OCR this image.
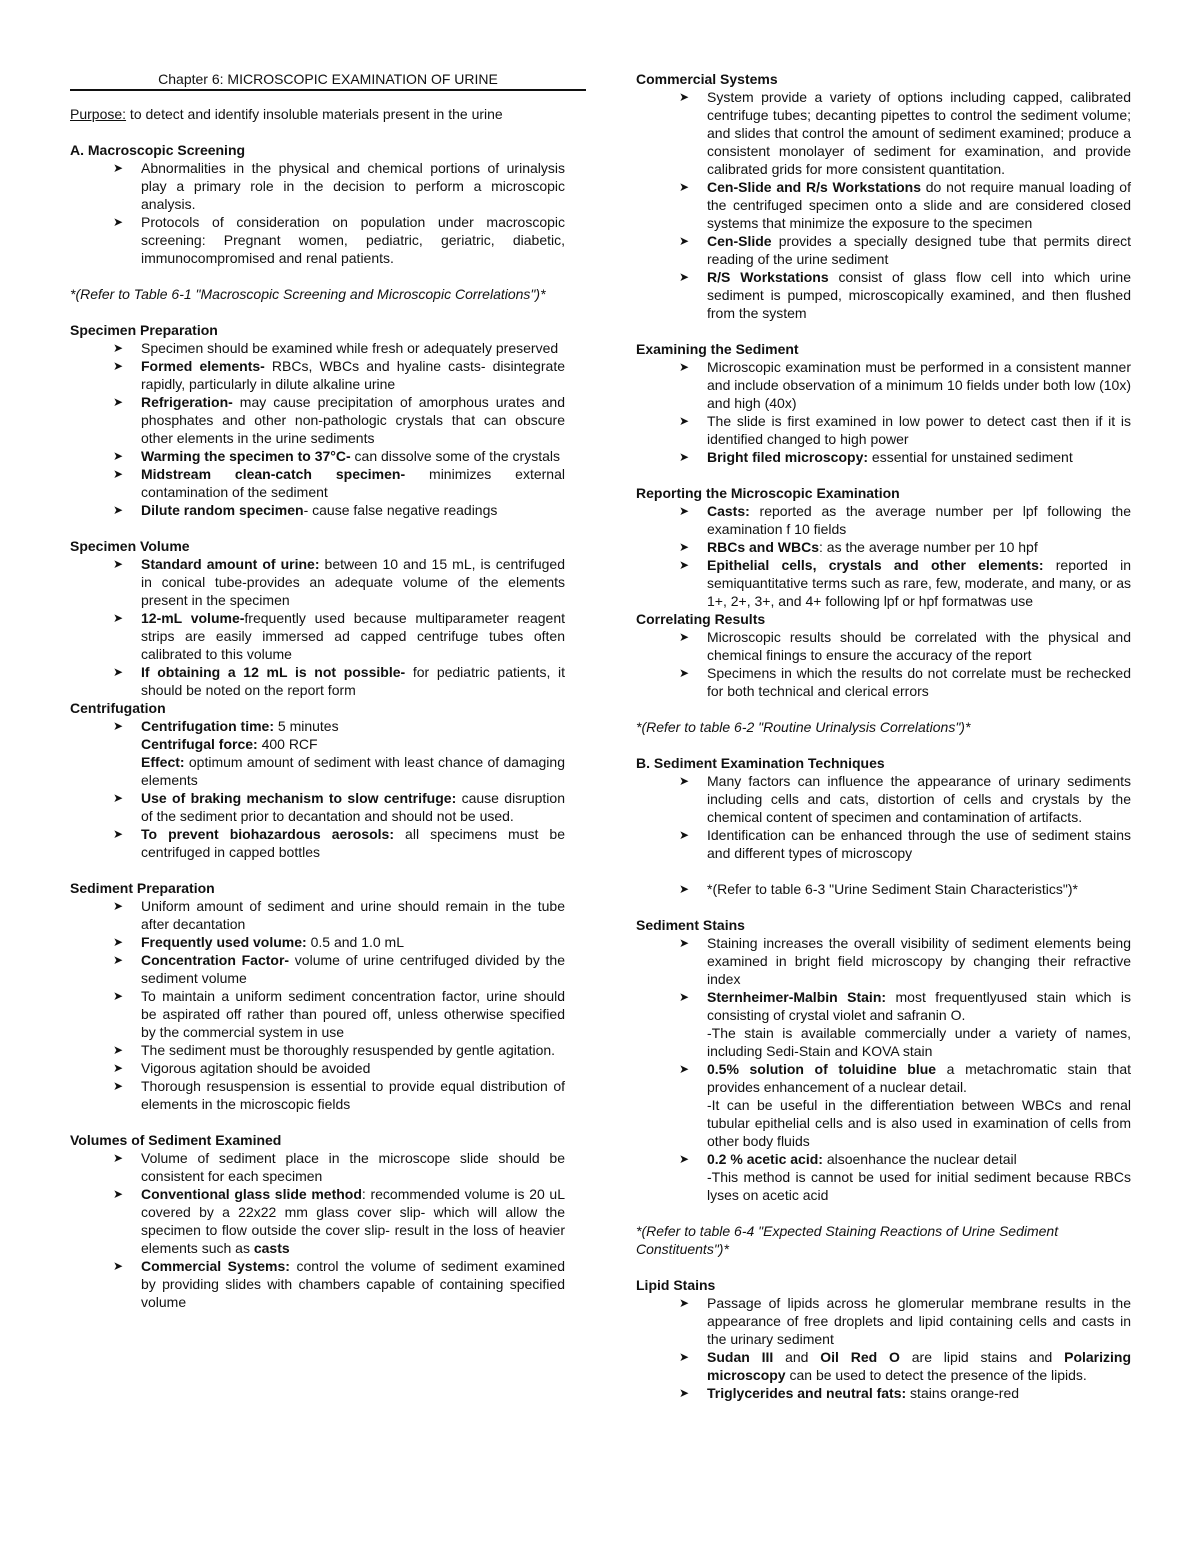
Chapter 6: MICROSCOPIC EXAMINATION OF URINE
Purpose: to detect and identify insoluble materials present in the urine

A. Macroscopic Screening

➤ Abnormalities in the physical and chemical portions of urinalysis play a primary role in the decision to perform a microscopic analysis.
➤ Protocols of consideration on population under macroscopic screening: Pregnant women, pediatric, geriatric, diabetic, immunocompromised and renal patients.

*(Refer to Table 6-1 "Macroscopic Screening and Microscopic Correlations")*

Specimen Preparation

➤ Specimen should be examined while fresh or adequately preserved
➤ Formed elements- RBCs, WBCs and hyaline casts- disintegrate rapidly, particularly in dilute alkaline urine
➤ Refrigeration- may cause precipitation of amorphous urates and phosphates and other non-pathologic crystals that can obscure other elements in the urine sediments
➤ Warming the specimen to 37°C- can dissolve some of the crystals
➤ Midstream clean-catch specimen- minimizes external contamination of the sediment
➤ Dilute random specimen- cause false negative readings

Specimen Volume

➤ Standard amount of urine: between 10 and 15 mL, is centrifuged in conical tube-provides an adequate volume of the elements present in the specimen
➤ 12-mL volume-frequently used because multiparameter reagent strips are easily immersed ad capped centrifuge tubes often calibrated to this volume
➤ If obtaining a 12 mL is not possible- for pediatric patients, it should be noted on the report form

Centrifugation

➤ Centrifugation time: 5 minutes
Centrifugal force: 400 RCF
Effect: optimum amount of sediment with least chance of damaging elements
➤ Use of braking mechanism to slow centrifuge: cause disruption of the sediment prior to decantation and should not be used.
➤ To prevent biohazardous aerosols: all specimens must be centrifuged in capped bottles

Sediment Preparation

➤ Uniform amount of sediment and urine should remain in the tube after decantation
➤ Frequently used volume: 0.5 and 1.0 mL
➤ Concentration Factor- volume of urine centrifuged divided by the sediment volume
➤ To maintain a uniform sediment concentration factor, urine should be aspirated off rather than poured off, unless otherwise specified by the commercial system in use
➤ The sediment must be thoroughly resuspended by gentle agitation.
➤ Vigorous agitation should be avoided
➤ Thorough resuspension is essential to provide equal distribution of elements in the microscopic fields

Volumes of Sediment Examined

➤ Volume of sediment place in the microscope slide should be consistent for each specimen
➤ Conventional glass slide method: recommended volume is 20 uL covered by a 22x22 mm glass cover slip- which will allow the specimen to flow outside the cover slip- result in the loss of heavier elements such as casts
➤ Commercial Systems: control the volume of sediment examined by providing slides with chambers capable of containing specified volume

Commercial Systems

➤ System provide a variety of options including capped, calibrated centrifuge tubes; decanting pipettes to control the sediment volume; and slides that control the amount of sediment examined; produce a consistent monolayer of sediment for examination, and provide calibrated grids for more consistent quantitation.
➤ Cen-Slide and R/s Workstations do not require manual loading of the centrifuged specimen onto a slide and are considered closed systems that minimize the exposure to the specimen
➤ Cen-Slide provides a specially designed tube that permits direct reading of the urine sediment
➤ R/S Workstations consist of glass flow cell into which urine sediment is pumped, microscopically examined, and then flushed from the system

Examining the Sediment

➤ Microscopic examination must be performed in a consistent manner and include observation of a minimum 10 fields under both low (10x) and high (40x)
➤ The slide is first examined in low power to detect cast then if it is identified changed to high power
➤ Bright filed microscopy: essential for unstained sediment

Reporting the Microscopic Examination

➤ Casts: reported as the average number per lpf following the examination f 10 fields
➤ RBCs and WBCs: as the average number per 10 hpf
➤ Epithelial cells, crystals and other elements: reported in semiquantitative terms such as rare, few, moderate, and many, or as 1+, 2+, 3+, and 4+ following lpf or hpf formatwas use

Correlating Results

➤ Microscopic results should be correlated with the physical and chemical finings to ensure the accuracy of the report
➤ Specimens in which the results do not correlate must be rechecked for both technical and clerical errors

*(Refer to table 6-2 "Routine Urinalysis Correlations")*

B. Sediment Examination Techniques

➤ Many factors can influence the appearance of urinary sediments including cells and cats, distortion of cells and crystals by the chemical content of specimen and contamination of artifacts.
➤ Identification can be enhanced through the use of sediment stains and different types of microscopy
➤ *(Refer to table 6-3 "Urine Sediment Stain Characteristics")*

Sediment Stains

➤ Staining increases the overall visibility of sediment elements being examined in bright field microscopy by changing their refractive index
➤ Sternheimer-Malbin Stain: most frequentlyused stain which is consisting of crystal violet and safranin O.
-The stain is available commercially under a variety of names, including Sedi-Stain and KOVA stain
➤ 0.5% solution of toluidine blue a metachromatic stain that provides enhancement of a nuclear detail.
-It can be useful in the differentiation between WBCs and renal tubular epithelial cells and is also used in examination of cells from other body fluids
➤ 0.2 % acetic acid: alsoenhance the nuclear detail
-This method is cannot be used for initial sediment because RBCs lyses on acetic acid

*(Refer to table 6-4 "Expected Staining Reactions of Urine Sediment Constituents")*

Lipid Stains

➤ Passage of lipids across he glomerular membrane results in the appearance of free droplets and lipid containing cells and casts in the urinary sediment
➤ Sudan III and Oil Red O are lipid stains and Polarizing microscopy can be used to detect the presence of the lipids.
➤ Triglycerides and neutral fats: stains orange-red
